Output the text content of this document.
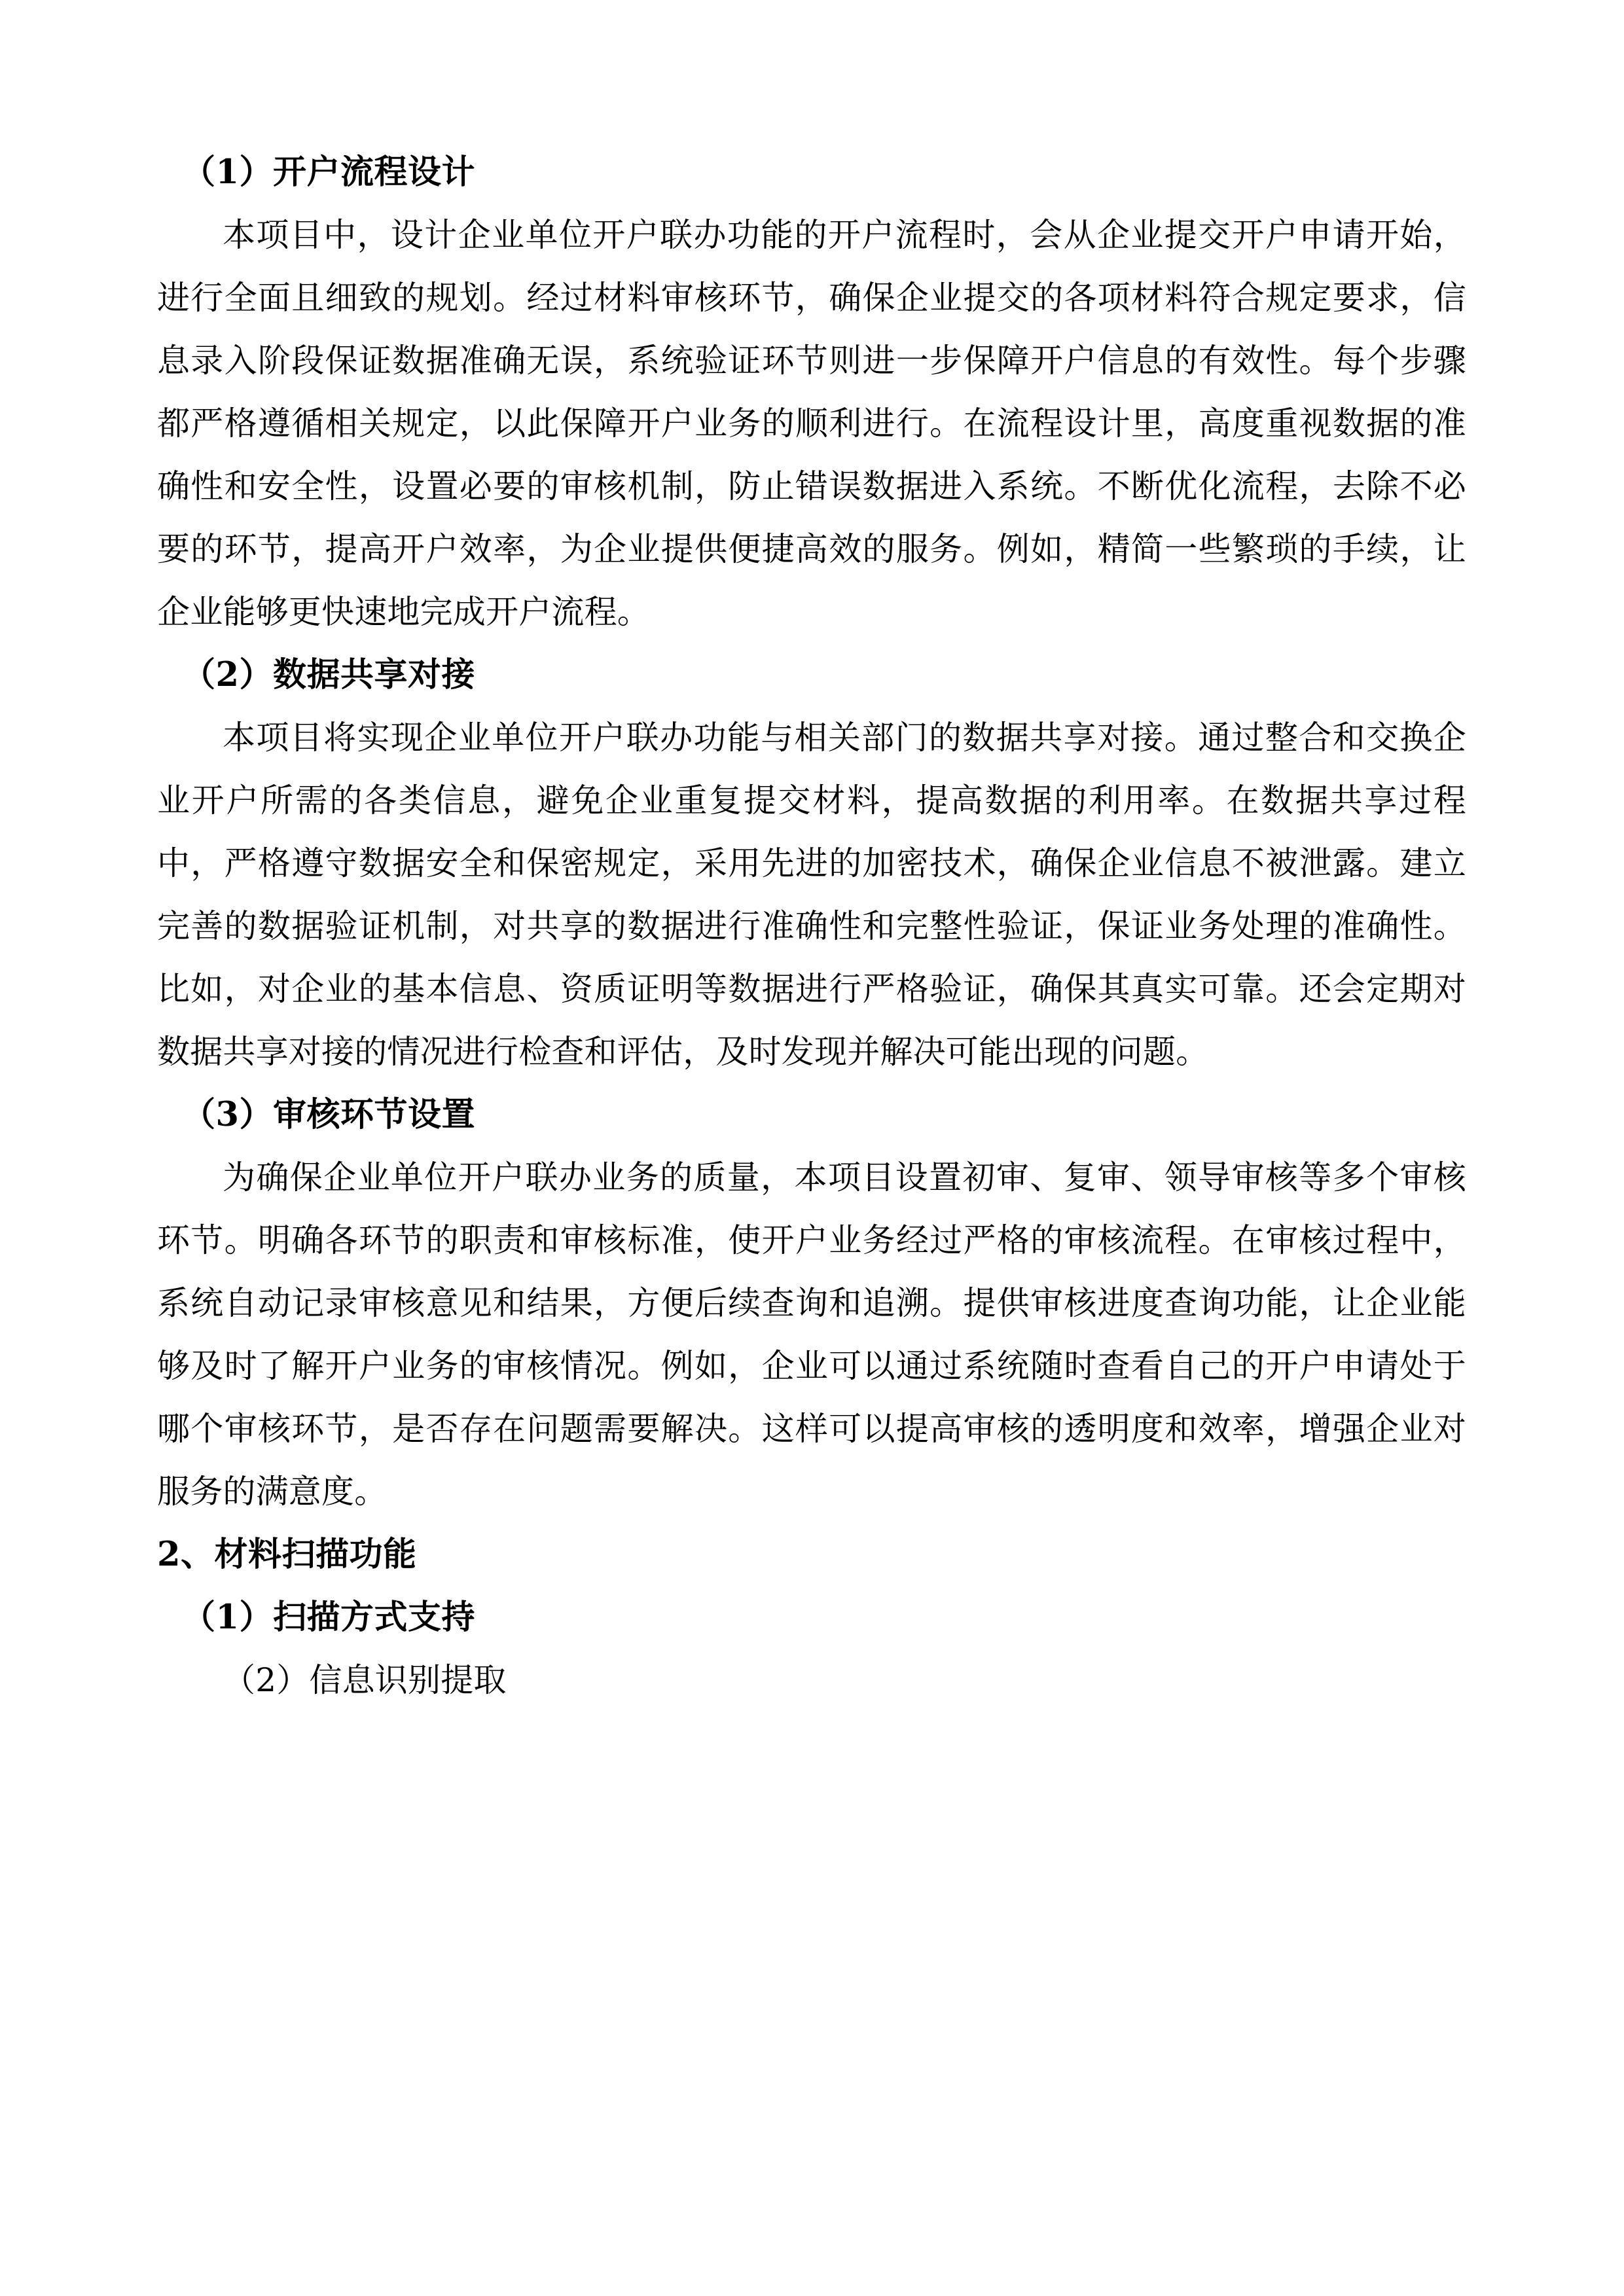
（1）开户流程设计

本项目中，设计企业单位开户联办功能的开户流程时，会从企业提交开户申请开始，进行全面且细致的规划。经过材料审核环节，确保企业提交的各项材料符合规定要求，信息录入阶段保证数据准确无误，系统验证环节则进一步保障开户信息的有效性。每个步骤都严格遵循相关规定，以此保障开户业务的顺利进行。在流程设计里，高度重视数据的准确性和安全性，设置必要的审核机制，防止错误数据进入系统。不断优化流程，去除不必要的环节，提高开户效率，为企业提供便捷高效的服务。例如，精简一些繁琐的手续，让企业能够更快速地完成开户流程。

（2）数据共享对接

本项目将实现企业单位开户联办功能与相关部门的数据共享对接。通过整合和交换企业开户所需的各类信息，避免企业重复提交材料，提高数据的利用率。在数据共享过程中，严格遵守数据安全和保密规定，采用先进的加密技术，确保企业信息不被泄露。建立完善的数据验证机制，对共享的数据进行准确性和完整性验证，保证业务处理的准确性。比如，对企业的基本信息、资质证明等数据进行严格验证，确保其真实可靠。还会定期对数据共享对接的情况进行检查和评估，及时发现并解决可能出现的问题。

（3）审核环节设置

为确保企业单位开户联办业务的质量，本项目设置初审、复审、领导审核等多个审核环节。明确各环节的职责和审核标准，使开户业务经过严格的审核流程。在审核过程中，系统自动记录审核意见和结果，方便后续查询和追溯。提供审核进度查询功能，让企业能够及时了解开户业务的审核情况。例如，企业可以通过系统随时查看自己的开户申请处于哪个审核环节，是否存在问题需要解决。这样可以提高审核的透明度和效率，增强企业对服务的满意度。

2、材料扫描功能
（1）扫描方式支持

（2）信息识别提取
